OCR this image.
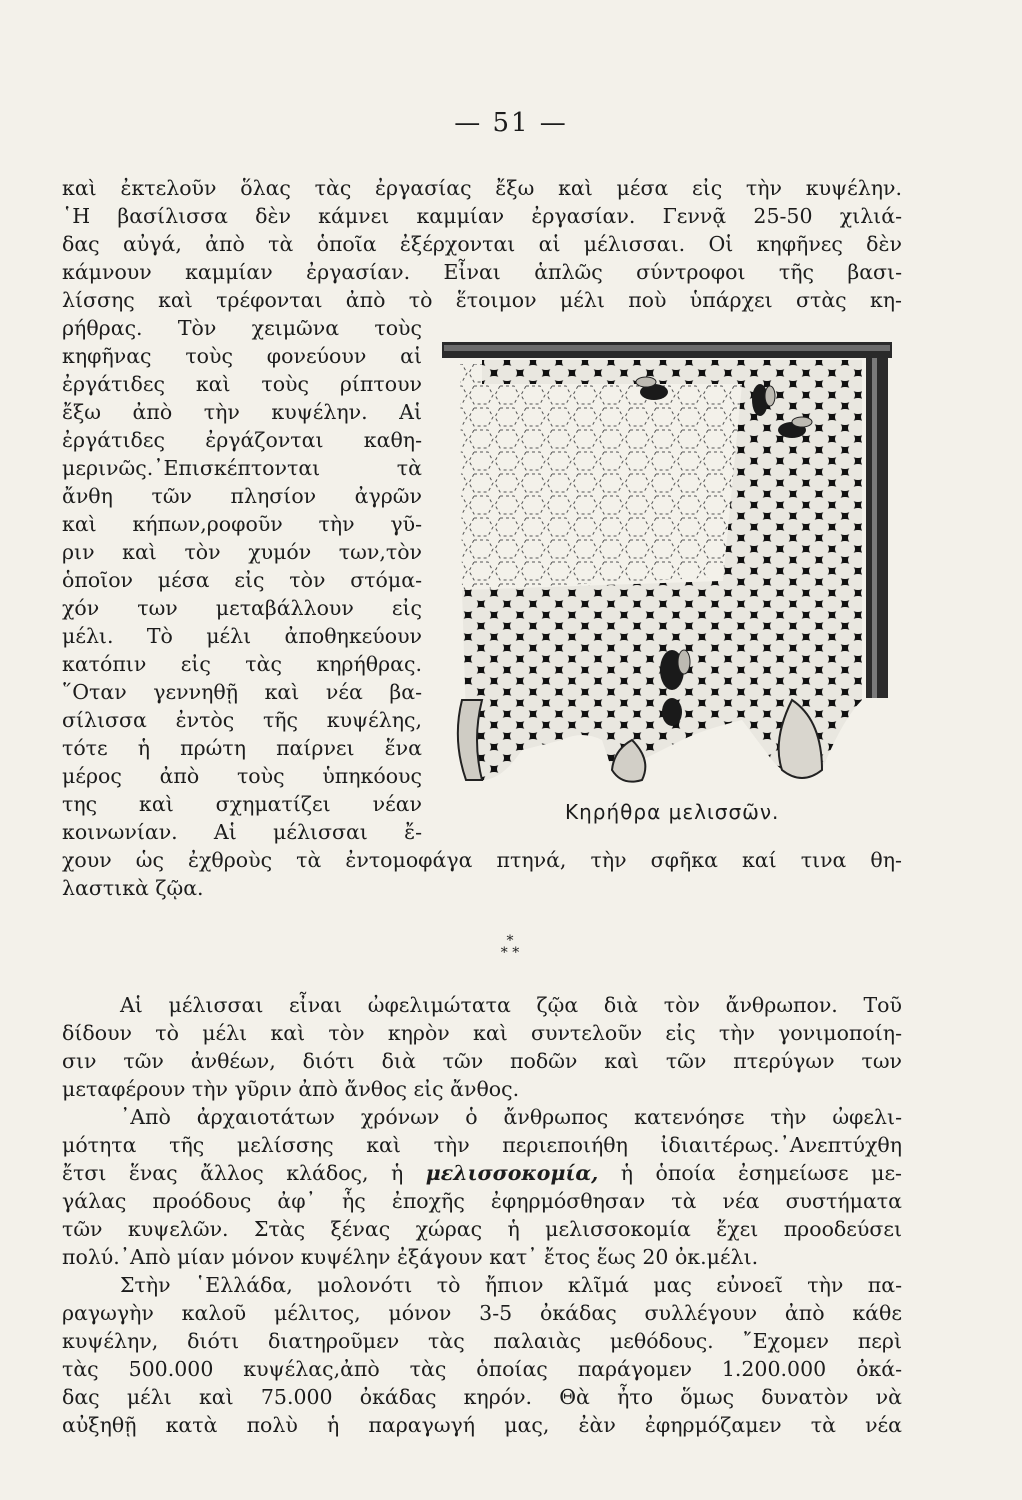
— 51 —
καὶ ἐκτελοῦν ὅλας τὰς ἐργασίας ἔξω καὶ μέσα εἰς τὴν κυψέλην.
῾Η βασίλισσα δὲν κάμνει καμμίαν ἐργασίαν. Γεννᾷ 25-50 χιλιά-
δας αὐγά, ἀπὸ τὰ ὁποῖα ἐξέρχονται αἱ μέλισσαι. Οἱ κηφῆνες δὲν
κάμνουν καμμίαν ἐργασίαν. Εἶναι ἁπλῶς σύντροφοι τῆς βασι-
λίσσης καὶ τρέφονται ἀπὸ τὸ ἕτοιμον μέλι ποὺ ὑπάρχει στὰς κη-
ρήθρας. Τὸν χειμῶνα τοὺς
κηφῆνας τοὺς φονεύουν αἱ
ἐργάτιδες καὶ τοὺς ρίπτουν
ἔξω ἀπὸ τὴν κυψέλην. Αἱ
ἐργάτιδες ἐργάζονται καθη-
μερινῶς.᾿Επισκέπτονται τὰ
ἄνθη τῶν πλησίον ἀγρῶν
καὶ κήπων,ροφοῦν τὴν γῦ-
ριν καὶ τὸν χυμόν των,τὸν
ὁποῖον μέσα εἰς τὸν στόμα-
χόν των μεταβάλλουν εἰς
μέλι. Τὸ μέλι ἀποθηκεύουν
κατόπιν εἰς τὰς κηρήθρας.
῞Οταν γεννηθῇ καὶ νέα βα-
σίλισσα ἐντὸς τῆς κυψέλης,
τότε ἡ πρώτη παίρνει ἕνα
μέρος ἀπὸ τοὺς ὑπηκόους
της καὶ σχηματίζει νέαν
κοινωνίαν. Αἱ μέλισσαι ἔ-
Κηρήθρα μελισσῶν.
χουν ὡς ἐχθροὺς τὰ ἐντομοφάγα πτηνά, τὴν σφῆκα καί τινα θη-
λαστικὰ ζῷα.
*
* *
Αἱ μέλισσαι εἶναι ὠφελιμώτατα ζῷα διὰ τὸν ἄνθρωπον. Τοῦ
δίδουν τὸ μέλι καὶ τὸν κηρὸν καὶ συντελοῦν εἰς τὴν γονιμοποίη-
σιν τῶν ἀνθέων, διότι διὰ τῶν ποδῶν καὶ τῶν πτερύγων των
μεταφέρουν τὴν γῦριν ἀπὸ ἄνθος εἰς ἄνθος.
᾿Απὸ ἀρχαιοτάτων χρόνων ὁ ἄνθρωπος κατενόησε τὴν ὠφελι-
μότητα τῆς μελίσσης καὶ τὴν περιεποιήθη ἰδιαιτέρως.᾿Ανεπτύχθη
ἔτσι ἕνας ἄλλος κλάδος, ἡ μελισσοκομία, ἡ ὁποία ἐσημείωσε με-
γάλας προόδους ἀφ᾿ ἧς ἐποχῆς ἐφηρμόσθησαν τὰ νέα συστήματα
τῶν κυψελῶν. Στὰς ξένας χώρας ἡ μελισσοκομία ἔχει προοδεύσει
πολύ.᾿Απὸ μίαν μόνον κυψέλην ἐξάγουν κατ᾿ ἔτος ἕως 20 ὀκ.μέλι.
Στὴν ῾Ελλάδα, μολονότι τὸ ἤπιον κλῖμά μας εὐνοεῖ τὴν πα-
ραγωγὴν καλοῦ μέλιτος, μόνον 3-5 ὀκάδας συλλέγουν ἀπὸ κάθε
κυψέλην, διότι διατηροῦμεν τὰς παλαιὰς μεθόδους. ῎Εχομεν περὶ
τὰς 500.000 κυψέλας,ἀπὸ τὰς ὁποίας παράγομεν 1.200.000 ὀκά-
δας μέλι καὶ 75.000 ὀκάδας κηρόν. Θὰ ἦτο ὅμως δυνατὸν νὰ
αὐξηθῇ κατὰ πολὺ ἡ παραγωγή μας, ἐὰν ἐφηρμόζαμεν τὰ νέα
